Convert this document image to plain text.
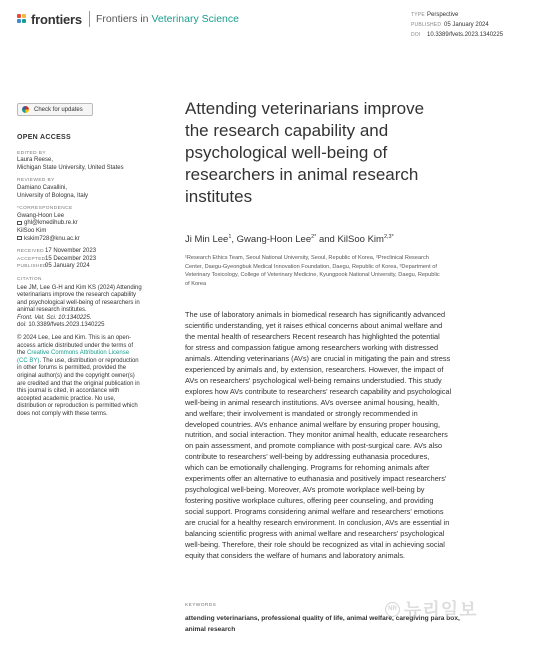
frontiers Frontiers in Veterinary Science	TYPE Perspective
PUBLISHED 05 January 2024
DOI 10.3389/fvets.2023.1340225
Check for updates
OPEN ACCESS
EDITED BY
Laura Reese,
Michigan State University, United States
REVIEWED BY
Damiano Cavallini,
University of Bologna, Italy
*CORRESPONDENCE
Gwang-Hoon Lee
ghl@kmedihub.re.kr
KilSoo Kim
kskim728@knu.ac.kr
RECEIVED17 November 2023
ACCEPTED15 December 2023
PUBLISHED05 January 2024
CITATION
Lee JM, Lee G-H and Kim KS (2024) Attending
veterinarians improve the research capability
and psychological well-being of researchers in
animal research institutes.
Front. Vet. Sci. 10:1340225.
doi: 10.3389/fvets.2023.1340225
© 2024 Lee, Lee and Kim. This is an open-
access article distributed under the terms of
the Creative Commons Attribution License
(CC BY). The use, distribution or reproduction
in other forums is permitted, provided the
original author(s) and the copyright owner(s)
are credited and that the original publication in
this journal is cited, in accordance with
accepted academic practice. No use,
distribution or reproduction is permitted which
does not comply with these terms.
Attending veterinarians improve
the research capability and
psychological well-being of
researchers in animal research
institutes
Ji Min Lee$^1$, Gwang-Hoon Lee$^{2*}$ and KilSoo Kim$^{2,3*}$
¹Research Ethics Team, Seoul National University, Seoul, Republic of Korea, ²Preclinical Research
Center, Daegu-Gyeongbuk Medical Innovation Foundation, Daegu, Republic of Korea, ³Department of
Veterinary Toxicology, College of Veterinary Medicine, Kyungpook National University, Daegu, Republic
of Korea
The use of laboratory animals in biomedical research has significantly advanced
scientific understanding, yet it raises ethical concerns about animal welfare and
the mental health of researchers Recent research has highlighted the potential
for stress and compassion fatigue among researchers working with distressed
animals. Attending veterinarians (AVs) are crucial in mitigating the pain and stress
experienced by animals and, by extension, researchers. However, the impact of
AVs on researchers' psychological well-being remains understudied. This study
explores how AVs contribute to researchers' research capability and psychological
well-being in animal research institutions. AVs oversee animal housing, health,
and welfare; their involvement is mandated or strongly recommended in
developed countries. AVs enhance animal welfare by ensuring proper housing,
nutrition, and social interaction. They monitor animal health, educate researchers
on pain assessment, and promote compliance with post-surgical care. AVs also
contribute to researchers' well-being by addressing euthanasia procedures,
which can be emotionally challenging. Programs for rehoming animals after
experiments offer an alternative to euthanasia and positively impact researchers'
psychological well-being. Moreover, AVs promote workplace well-being by
fostering positive workplace cultures, offering peer counseling, and providing
social support. Programs considering animal welfare and researchers' emotions
are crucial for a healthy research environment. In conclusion, AVs are essential in
balancing scientific progress with animal welfare and researchers' psychological
well-being. Therefore, their role should be recognized as vital in achieving social
equity that considers the welfare of humans and laboratory animals.
KEYWORDS
attending veterinarians, professional quality of life, animal welfare, caregiving para box,
animal research
NR 뉴리일보
